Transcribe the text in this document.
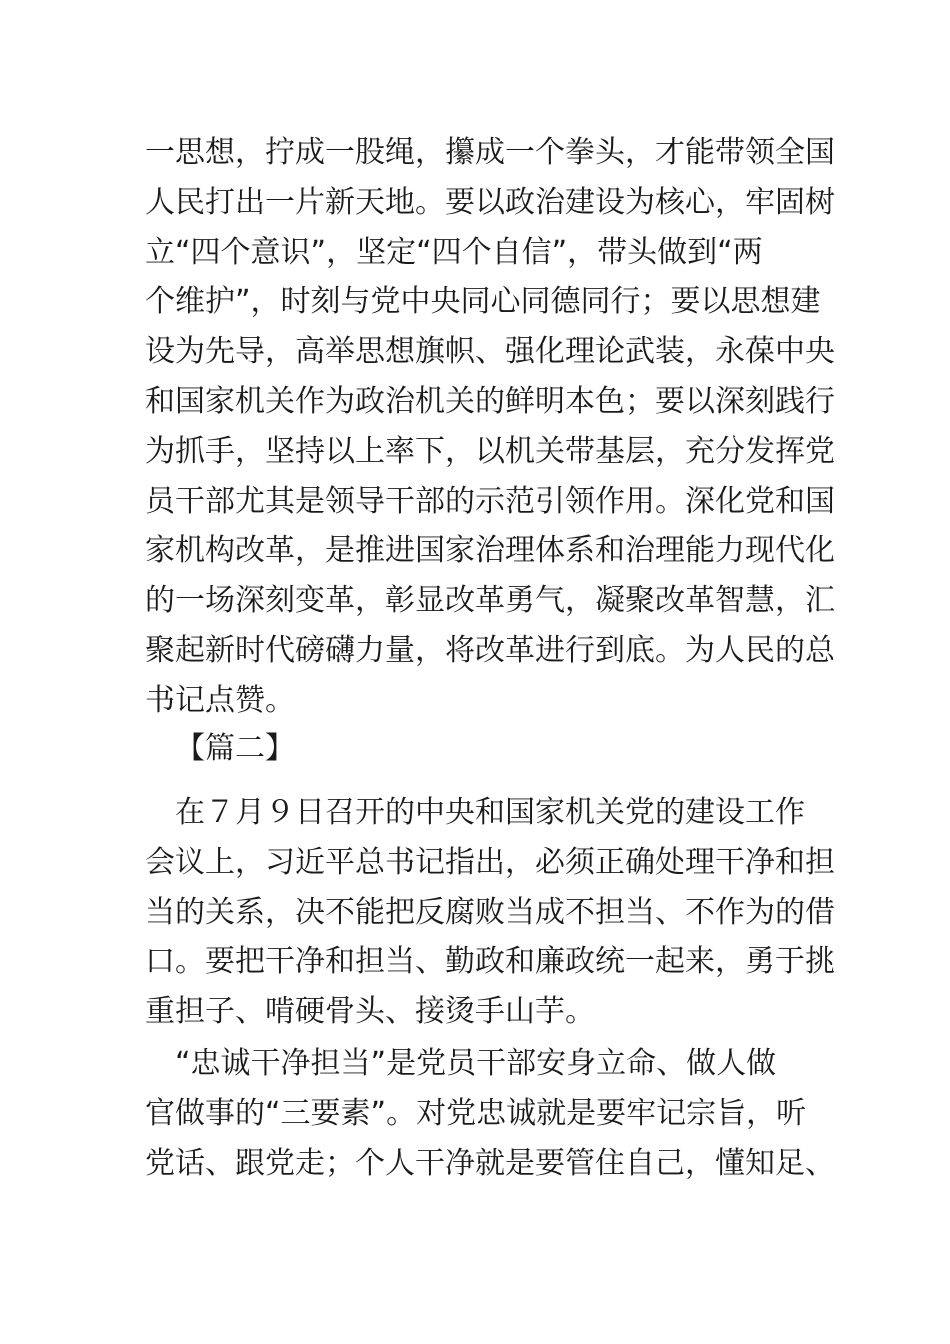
一思想，拧成一股绳，攥成一个拳头，才能带领全国
人民打出一片新天地。要以政治建设为核心，牢固树
立“四个意识”，坚定“四个自信”，带头做到“两
个维护”，时刻与党中央同心同德同行；要以思想建
设为先导，高举思想旗帜、强化理论武装，永葆中央
和国家机关作为政治机关的鲜明本色；要以深刻践行
为抓手，坚持以上率下，以机关带基层，充分发挥党
员干部尤其是领导干部的示范引领作用。深化党和国
家机构改革，是推进国家治理体系和治理能力现代化
的一场深刻变革，彰显改革勇气，凝聚改革智慧，汇
聚起新时代磅礴力量，将改革进行到底。为人民的总
书记点赞。
【篇二】
在７月９日召开的中央和国家机关党的建设工作
会议上，习近平总书记指出，必须正确处理干净和担
当的关系，决不能把反腐败当成不担当、不作为的借
口。要把干净和担当、勤政和廉政统一起来，勇于挑
重担子、啃硬骨头、接烫手山芋。
“忠诚干净担当”是党员干部安身立命、做人做
官做事的“三要素”。对党忠诚就是要牢记宗旨，听
党话、跟党走；个人干净就是要管住自己，懂知足、
